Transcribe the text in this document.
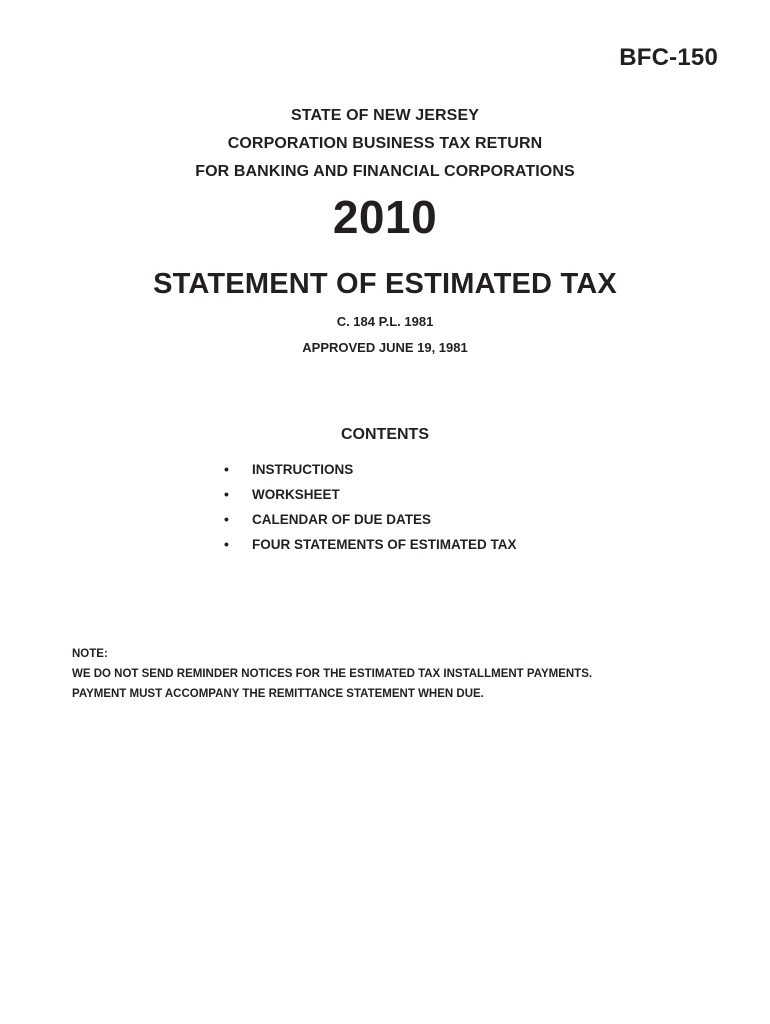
BFC-150
STATE OF NEW JERSEY
CORPORATION BUSINESS TAX RETURN
FOR BANKING AND FINANCIAL CORPORATIONS
2010
STATEMENT OF ESTIMATED TAX
C. 184 P.L. 1981
APPROVED JUNE 19, 1981
CONTENTS
• INSTRUCTIONS
• WORKSHEET
• CALENDAR OF DUE DATES
• FOUR STATEMENTS OF ESTIMATED TAX
NOTE:
WE DO NOT SEND REMINDER NOTICES FOR THE ESTIMATED TAX INSTALLMENT PAYMENTS.
PAYMENT MUST ACCOMPANY THE REMITTANCE STATEMENT WHEN DUE.
